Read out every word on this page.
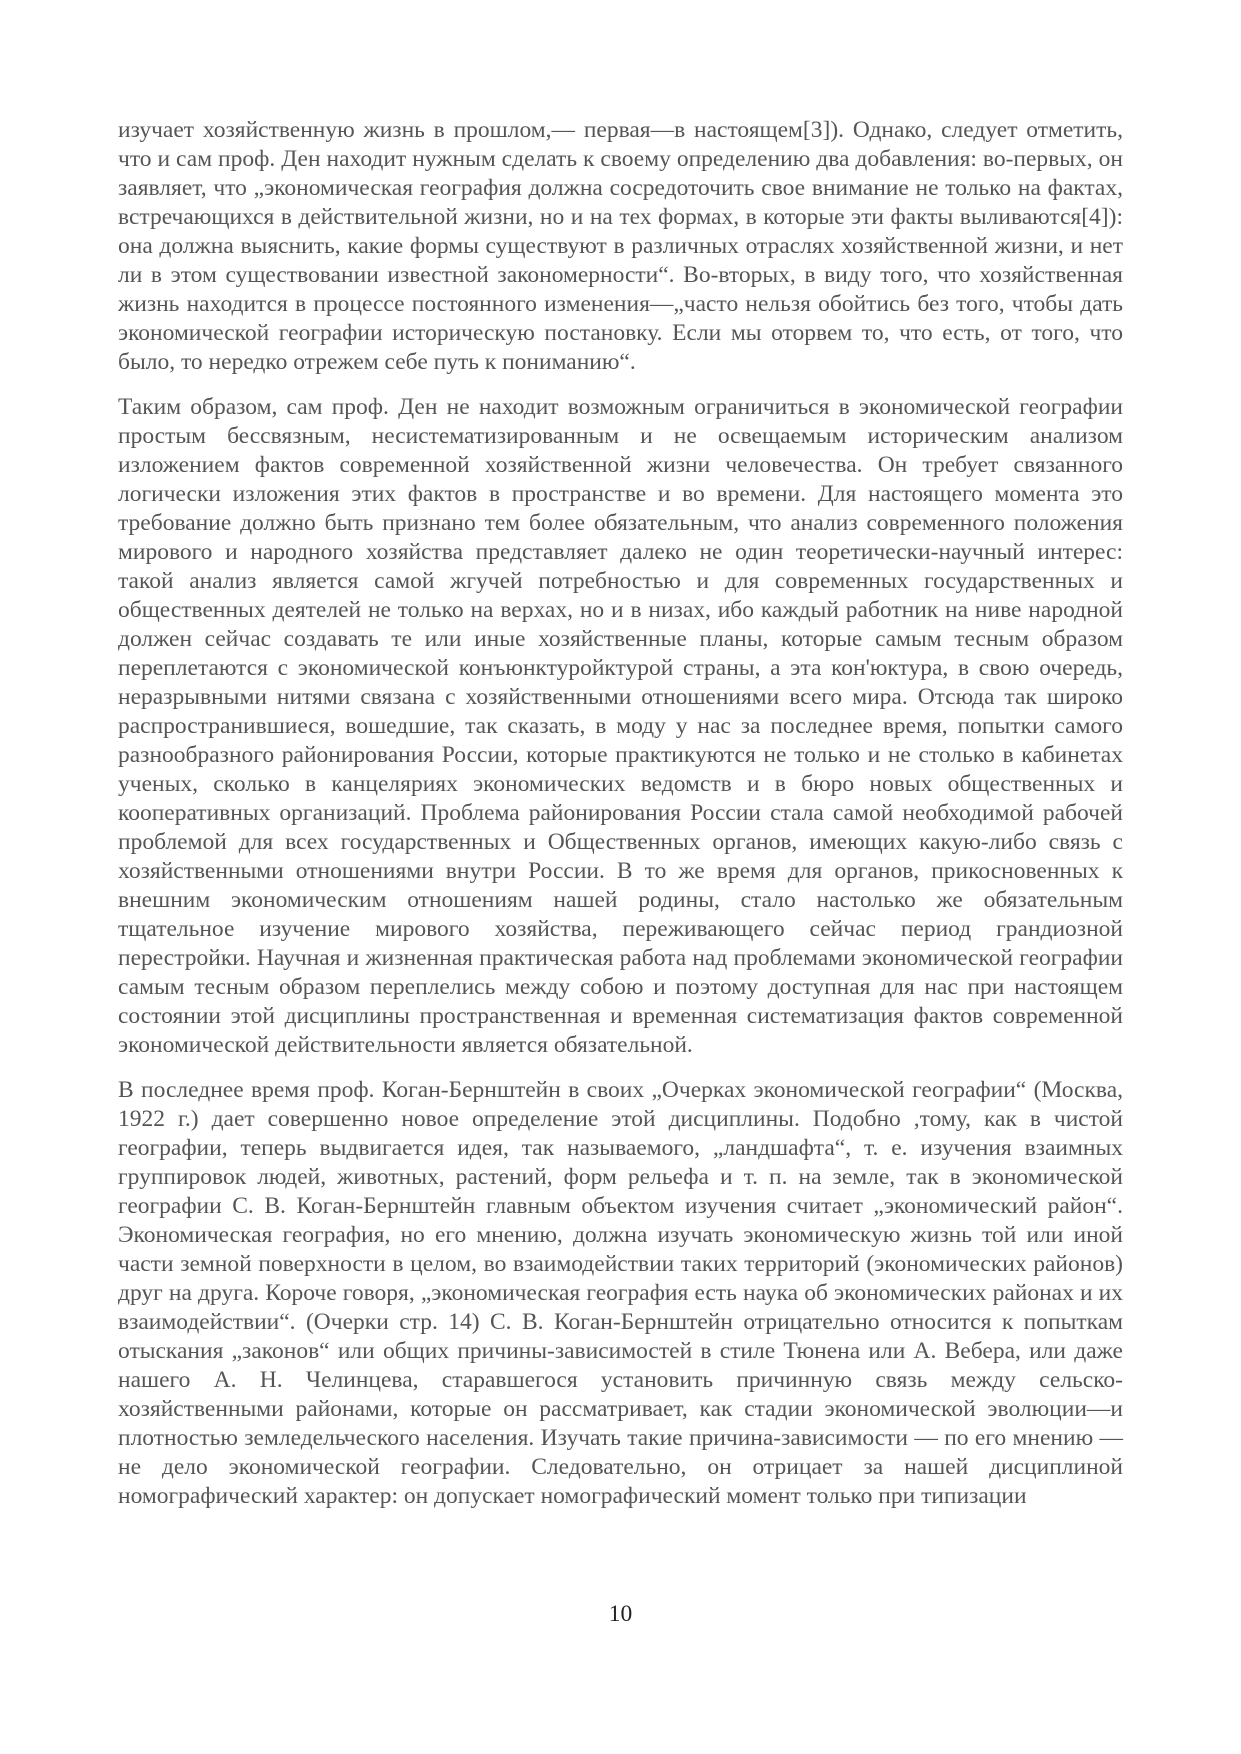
изучает хозяйственную жизнь в прошлом,— первая—в настоящем[3]). Однако, следует отметить, что и сам проф. Ден находит нужным сделать к своему определению два добавления: во-первых, он заявляет, что „экономическая география должна сосредоточить свое внимание не только на фактах, встречающихся в действительной жизни, но и на тех формах, в которые эти факты выливаются[4]): она должна выяснить, какие формы существуют в различных отраслях хозяйственной жизни, и нет ли в этом существовании известной закономерности“. Во-вторых, в виду того, что хозяйственная жизнь находится в процессе постоянного изменения—„часто нельзя обойтись без того, чтобы дать экономической географии историческую постановку. Если мы оторвем то, что есть, от того, что было, то нередко отрежем себе путь к пониманию“.

Таким образом, сам проф. Ден не находит возможным ограничиться в экономической географии простым бессвязным, несистематизированным и не освещаемым историческим анализом изложением фактов современной хозяйственной жизни человечества. Он требует связанного логически изложения этих фактов в пространстве и во времени. Для настоящего момента это требование должно быть признано тем более обязательным, что анализ современного положения мирового и народного хозяйства представляет далеко не один теоретически-научный интерес: такой анализ является самой жгучей потребностью и для современных государственных и общественных деятелей не только на верхах, но и в низах, ибо каждый работник на ниве народной должен сейчас создавать те или иные хозяйственные планы, которые самым тесным образом переплетаются с экономической конъюнктуройктурой страны, а эта кон'юктура, в свою очередь, неразрывными нитями связана с хозяйственными отношениями всего мира. Отсюда так широко распространившиеся, вошедшие, так сказать, в моду у нас за последнее время, попытки самого разнообразного районирования России, которые практикуются не только и не столько в кабинетах ученых, сколько в канцеляриях экономических ведомств и в бюро новых общественных и кооперативных организаций. Проблема районирования России стала самой необходимой рабочей проблемой для всех государственных и Общественных органов, имеющих какую-либо связь с хозяйственными отношениями внутри России. В то же время для органов, прикосновенных к внешним экономическим отношениям нашей родины, стало настолько же обязательным тщательное изучение мирового хозяйства, переживающего сейчас период грандиозной перестройки. Научная и жизненная практическая работа над проблемами экономической географии самым тесным образом переплелись между собою и поэтому доступная для нас при настоящем состоянии этой дисциплины пространственная и временная систематизация фактов современной экономической действительности является обязательной.

В последнее время проф. Коган-Бернштейн в своих „Очерках экономической географии“ (Москва, 1922 г.) дает совершенно новое определение этой дисциплины. Подобно ,тому, как в чистой географии, теперь выдвигается идея, так называемого, „ландшафта“, т. е. изучения взаимных группировок людей, животных, растений, форм рельефа и т. п. на земле, так в экономической географии С. В. Коган-Бернштейн главным объектом изучения считает „экономический район“. Экономическая география, но его мнению, должна изучать экономическую жизнь той или иной части земной поверхности в целом, во взаимодействии таких территорий (экономических районов) друг на друга. Короче говоря, „экономическая география есть наука об экономических районах и их взаимодействии“. (Очерки стр. 14) С. В. Коган-Бернштейн отрицательно относится к попыткам отыскания „законов“ или общих причины-зависимостей в стиле Тюнена или А. Вебера, или даже нашего А. Н. Челинцева, старавшегося установить причинную связь между сельско-хозяйственными районами, которые он рассматривает, как стадии экономической эволюции—и плотностью земледельческого населения. Изучать такие причина-зависимости — по его мнению — не дело экономической географии. Следовательно, он отрицает за нашей дисциплиной номографический характер: он допускает номографический момент только при типизации

10
